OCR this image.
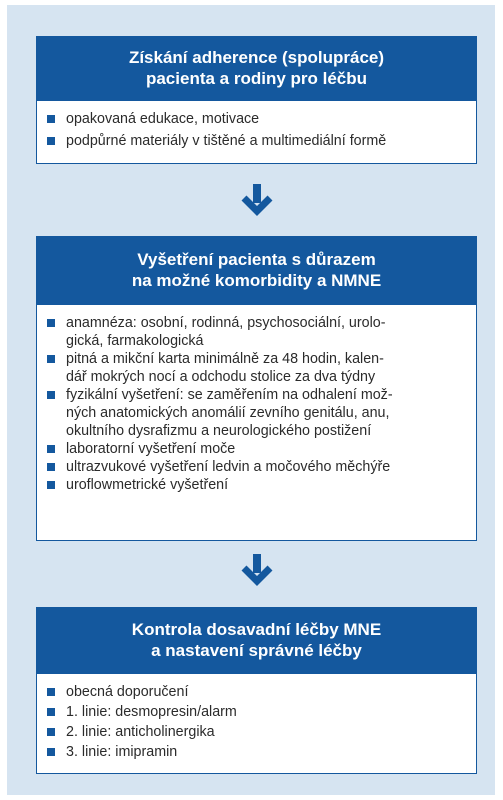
Získání adherence (spolupráce)
pacienta a rodiny pro léčbu
opakovaná edukace, motivace
podpůrné materiály v tištěné a multimediální formě
Vyšetření pacienta s důrazem
na možné komorbidity a NMNE
anamnéza: osobní, rodinná, psychosociální, urolo-
gická, farmakologická
pitná a mikční karta minimálně za 48 hodin, kalen-
dář mokrých nocí a odchodu stolice za dva týdny
fyzikální vyšetření: se zaměřením na odhalení mož-
ných anatomických anomálií zevního genitálu, anu,
okultního dysrafizmu a neurologického postižení
laboratorní vyšetření moče
ultrazvukové vyšetření ledvin a močového měchýře
uroflowmetrické vyšetření
Kontrola dosavadní léčby MNE
a nastavení správné léčby
obecná doporučení
1. linie: desmopresin/alarm
2. linie: anticholinergika
3. linie: imipramin
